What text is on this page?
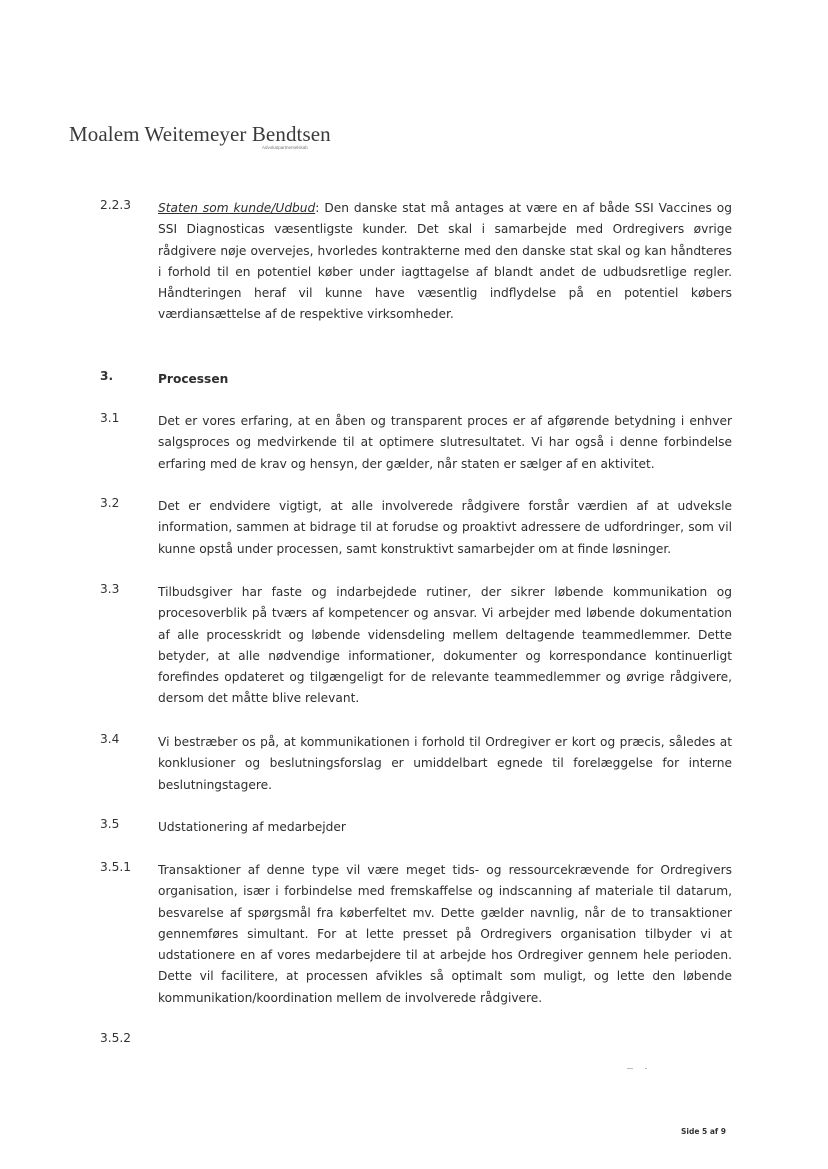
Moalem Weitemeyer Bendtsen
Advokatpartnerselskab
2.2.3 Staten som kunde/Udbud: Den danske stat må antages at være en af både SSI Vaccines og SSI Diagnosticas væsentligste kunder. Det skal i samarbejde med Ordregivers øvrige rådgivere nøje overvejes, hvorledes kontrakterne med den danske stat skal og kan håndteres i forhold til en potentiel køber under iagttagelse af blandt andet de udbudsretlige regler. Håndteringen heraf vil kunne have væsentlig indflydelse på en potentiel købers værdiansættelse af de respektive virksomheder.
3.	Processen
3.1	Det er vores erfaring, at en åben og transparent proces er af afgørende betydning i enhver salgsproces og medvirkende til at optimere slutresultatet. Vi har også i denne forbindelse erfaring med de krav og hensyn, der gælder, når staten er sælger af en aktivitet.
3.2	Det er endvidere vigtigt, at alle involverede rådgivere forstår værdien af at udveksle information, sammen at bidrage til at forudse og proaktivt adressere de udfordringer, som vil kunne opstå under processen, samt konstruktivt samarbejder om at finde løsninger.
3.3	Tilbudsgiver har faste og indarbejdede rutiner, der sikrer løbende kommunikation og procesoverblik på tværs af kompetencer og ansvar. Vi arbejder med løbende dokumentation af alle processkridt og løbende vidensdeling mellem deltagende teammedlemmer. Dette betyder, at alle nødvendige informationer, dokumenter og korrespondance kontinuerligt forefindes opdateret og tilgængeligt for de relevante teammedlemmer og øvrige rådgivere, dersom det måtte blive relevant.
3.4	Vi bestræber os på, at kommunikationen i forhold til Ordregiver er kort og præcis, således at konklusioner og beslutningsforslag er umiddelbart egnede til forelæggelse for interne beslutningstagere.
3.5	Udstationering af medarbejder
3.5.1 Transaktioner af denne type vil være meget tids- og ressourcekrævende for Ordregivers organisation, især i forbindelse med fremskaffelse og indscanning af materiale til datarum, besvarelse af spørgsmål fra køberfeltet mv. Dette gælder navnlig, når de to transaktioner gennemføres simultant. For at lette presset på Ordregivers organisation tilbyder vi at udstationere en af vores medarbejdere til at arbejde hos Ordregiver gennem hele perioden. Dette vil facilitere, at processen afvikles så optimalt som muligt, og lette den løbende kommunikation/koordination mellem de involverede rådgivere.
3.5.2
Side 5 af 9
